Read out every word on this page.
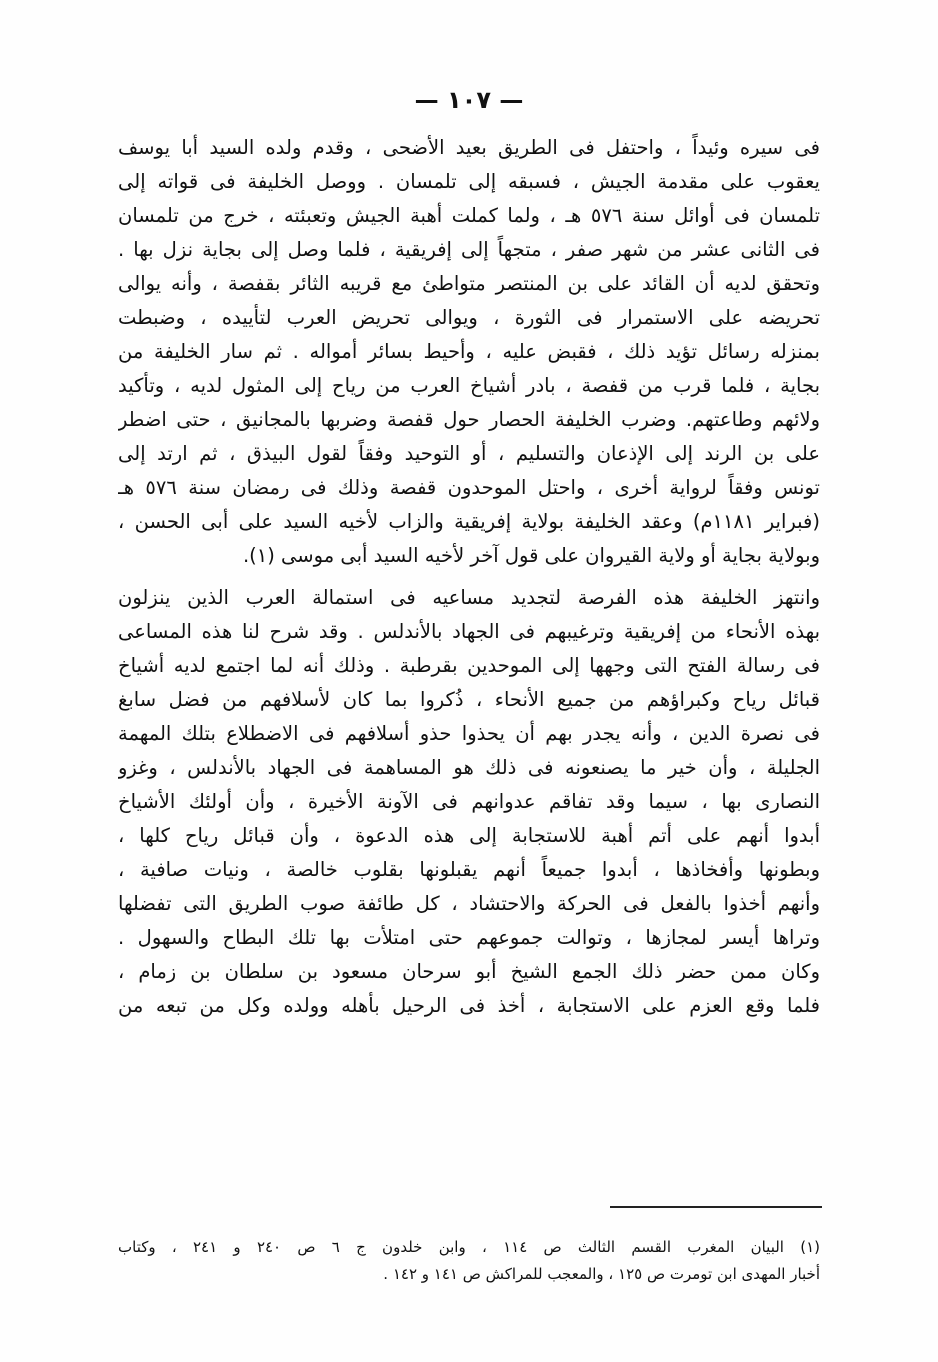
— ١٠٧ —
فى سيره وئيداً ، واحتفل فى الطريق بعيد الأضحى ، وقدم ولده السيد أبا يوسف
يعقوب على مقدمة الجيش ، فسبقه إلى تلمسان . ووصل الخليفة فى قواته إلى
تلمسان فى أوائل سنة ٥٧٦ هـ ، ولما كملت أهبة الجيش وتعبئته ، خرج من تلمسان
فى الثانى عشر من شهر صفر ، متجهاً إلى إفريقية ، فلما وصل إلى بجاية نزل بها .
وتحقق لديه أن القائد على بن المنتصر متواطئ مع قريبه الثائر بقفصة ، وأنه يوالى
تحريضه على الاستمرار فى الثورة ، ويوالى تحريض العرب لتأييده ، وضبطت
بمنزله رسائل تؤيد ذلك ، فقبض عليه ، وأحيط بسائر أمواله . ثم سار الخليفة من
بجاية ، فلما قرب من قفصة ، بادر أشياخ العرب من رياح إلى المثول لديه ، وتأكيد
ولائهم وطاعتهم. وضرب الخليفة الحصار حول قفصة وضربها بالمجانيق ، حتى اضطر
على بن الرند إلى الإذعان والتسليم ، أو التوحيد وفقاً لقول البيذق ، ثم ارتد إلى
تونس وفقاً لرواية أخرى ، واحتل الموحدون قفصة وذلك فى رمضان سنة ٥٧٦ هـ
(فبراير ١١٨١م) وعقد الخليفة بولاية إفريقية والزاب لأخيه السيد على أبى الحسن ،
وبولاية بجاية أو ولاية القيروان على قول آخر لأخيه السيد أبى موسى (١).
وانتهز الخليفة هذه الفرصة لتجديد مساعيه فى استمالة العرب الذين ينزلون
بهذه الأنحاء من إفريقية وترغيبهم فى الجهاد بالأندلس . وقد شرح لنا هذه المساعى
فى رسالة الفتح التى وجهها إلى الموحدين بقرطبة . وذلك أنه لما اجتمع لديه أشياخ
قبائل رياح وكبراؤهم من جميع الأنحاء ، ذُكروا بما كان لأسلافهم من فضل سابغ
فى نصرة الدين ، وأنه يجدر بهم أن يحذوا حذو أسلافهم فى الاضطلاع بتلك المهمة
الجليلة ، وأن خير ما يصنعونه فى ذلك هو المساهمة فى الجهاد بالأندلس ، وغزو
النصارى بها ، سيما وقد تفاقم عدوانهم فى الآونة الأخيرة ، وأن أولئك الأشياخ
أبدوا أنهم على أتم أهبة للاستجابة إلى هذه الدعوة ، وأن قبائل رياح كلها ،
وبطونها وأفخاذها ، أبدوا جميعاً أنهم يقبلونها بقلوب خالصة ، ونيات صافية ،
وأنهم أخذوا بالفعل فى الحركة والاحتشاد ، كل طائفة صوب الطريق التى تفضلها
وتراها أيسر لمجازها ، وتوالت جموعهم حتى امتلأت بها تلك البطاح والسهول .
وكان ممن حضر ذلك الجمع الشيخ أبو سرحان مسعود بن سلطان بن زمام ،
فلما وقع العزم على الاستجابة ، أخذ فى الرحيل بأهله وولده وكل من تبعه من
(١) البيان المغرب القسم الثالث ص ١١٤ ، وابن خلدون ج ٦ ص ٢٤٠ و ٢٤١ ، وكتاب
أخبار المهدى ابن تومرت ص ١٢٥ ، والمعجب للمراكش ص ١٤١ و ١٤٢ .
